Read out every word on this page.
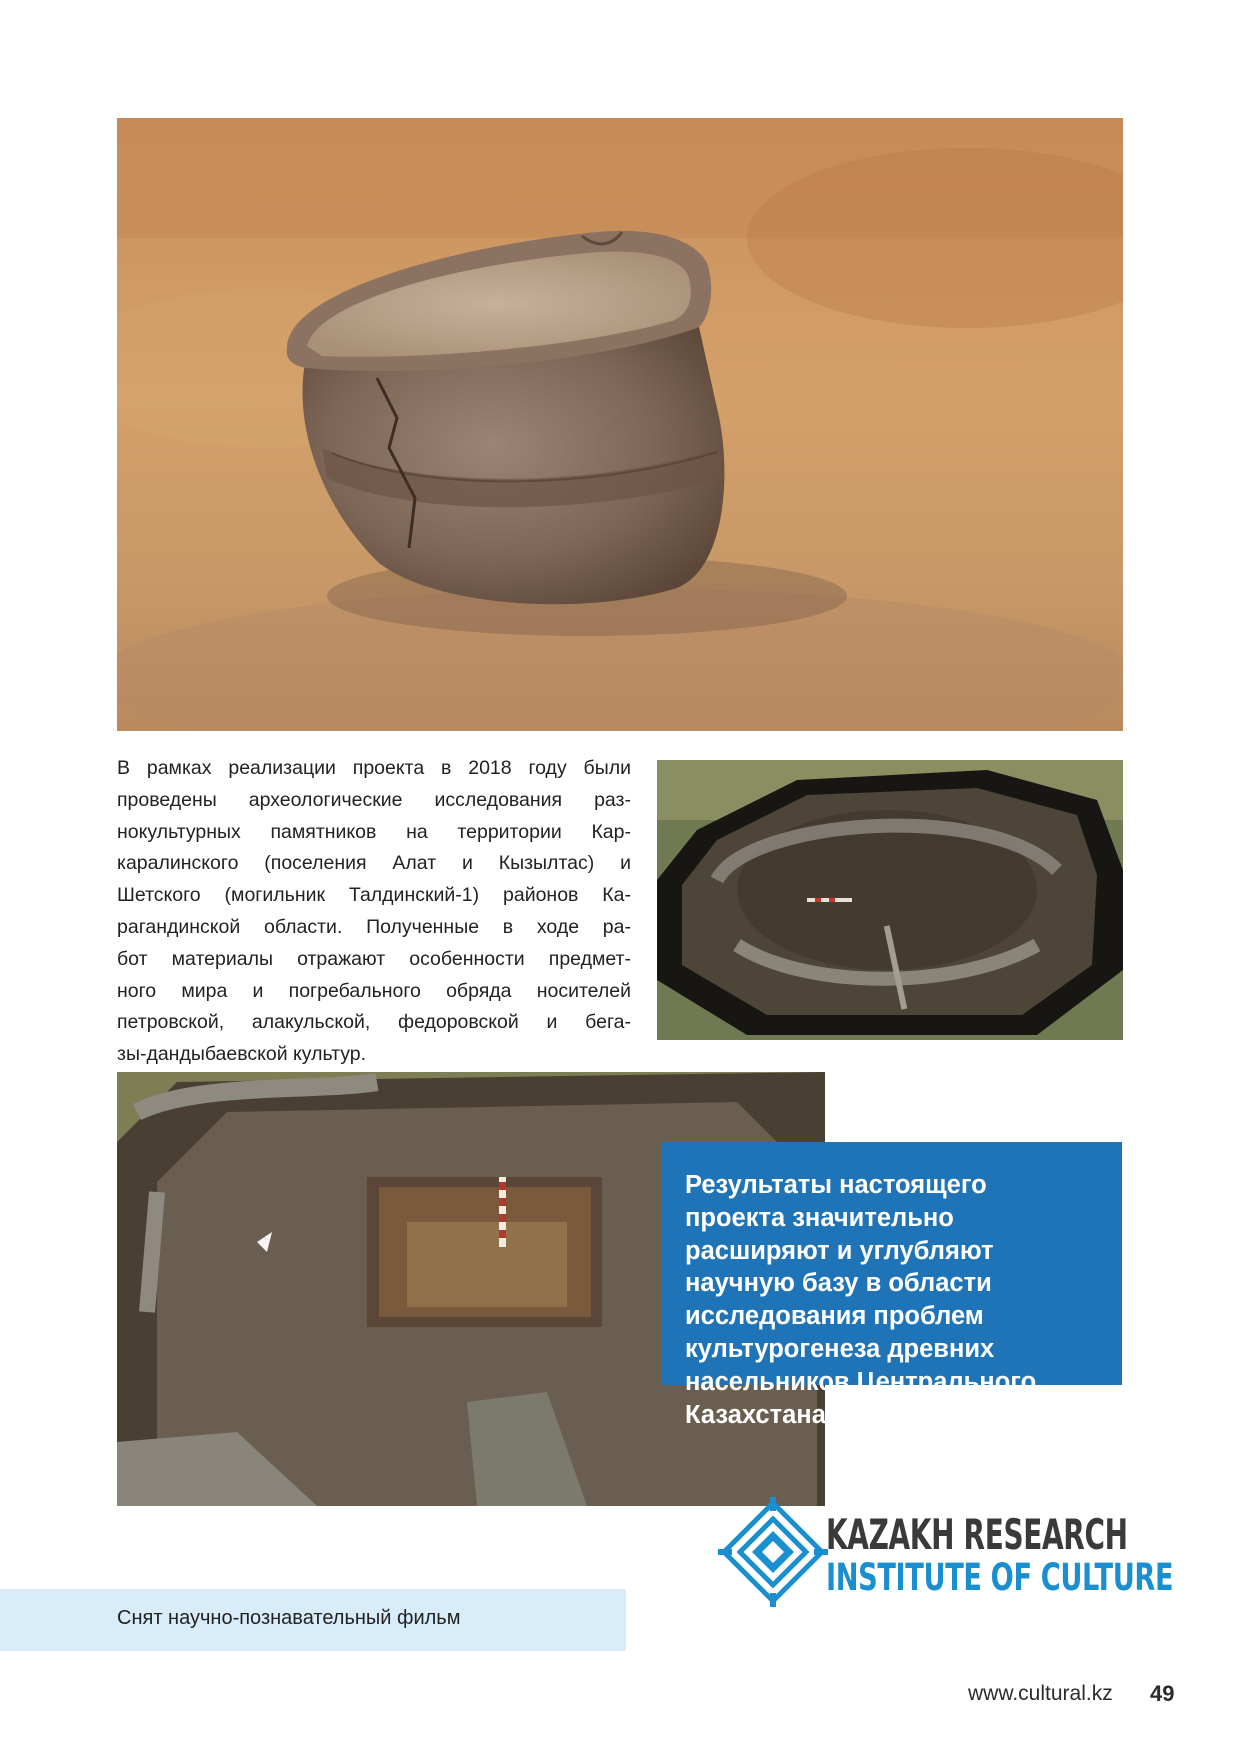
В рамках реализации проекта в 2018 году были
проведены археологические исследования раз-
нокультурных памятников на территории Кар-
каралинского (поселения Алат и Кызылтас) и
Шетского (могильник Талдинский-1) районов Ка-
рагандинской области. Полученные в ходе ра-
бот материалы отражают особенности предмет-
ного мира и погребального обряда носителей
петровской, алакульской, федоровской и бега-
зы-дандыбаевской культур.
Результаты настоящего
проекта значительно
расширяют и углубляют
научную базу в области
исследования проблем
культурогенеза древних
насельников Центрального
Казахстана.
KAZAKH RESEARCH
INSTITUTE OF CULTURE
Снят научно-познавательный фильм
www.cultural.kz 49
